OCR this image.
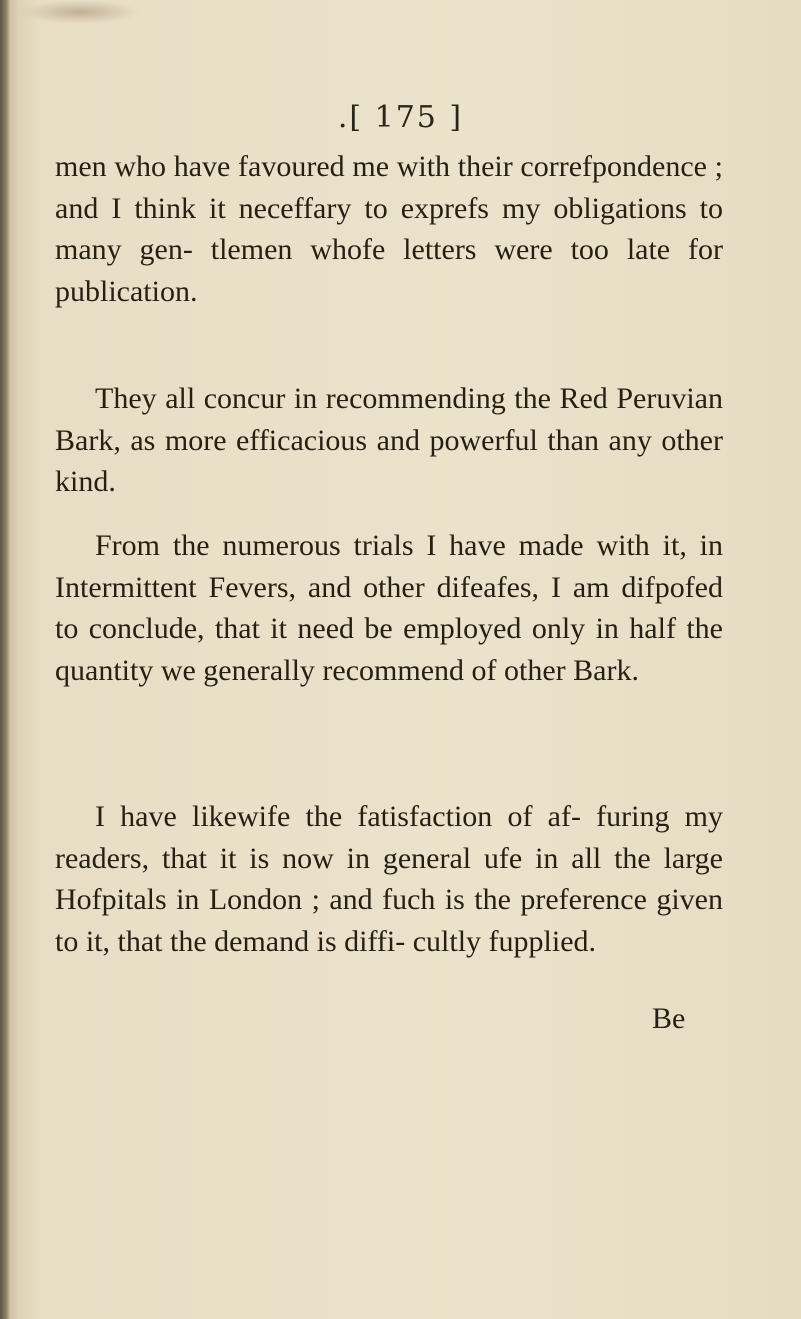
.[ 175 ]

men who have favoured me with their correfpondence ; and I think it neceffary to exprefs my obligations to many gen- tlemen whofe letters were too late for publication.

They all concur in recommending the Red Peruvian Bark, as more efficacious and powerful than any other kind.

From the numerous trials I have made with it, in Intermittent Fevers, and other difeafes, I am difpofed to conclude, that it need be employed only in half the quantity we generally recommend of other Bark.

I have likewife the fatisfaction of af- furing my readers, that it is now in general ufe in all the large Hofpitals in London ; and fuch is the preference given to it, that the demand is diffi- cultly fupplied.

Be
